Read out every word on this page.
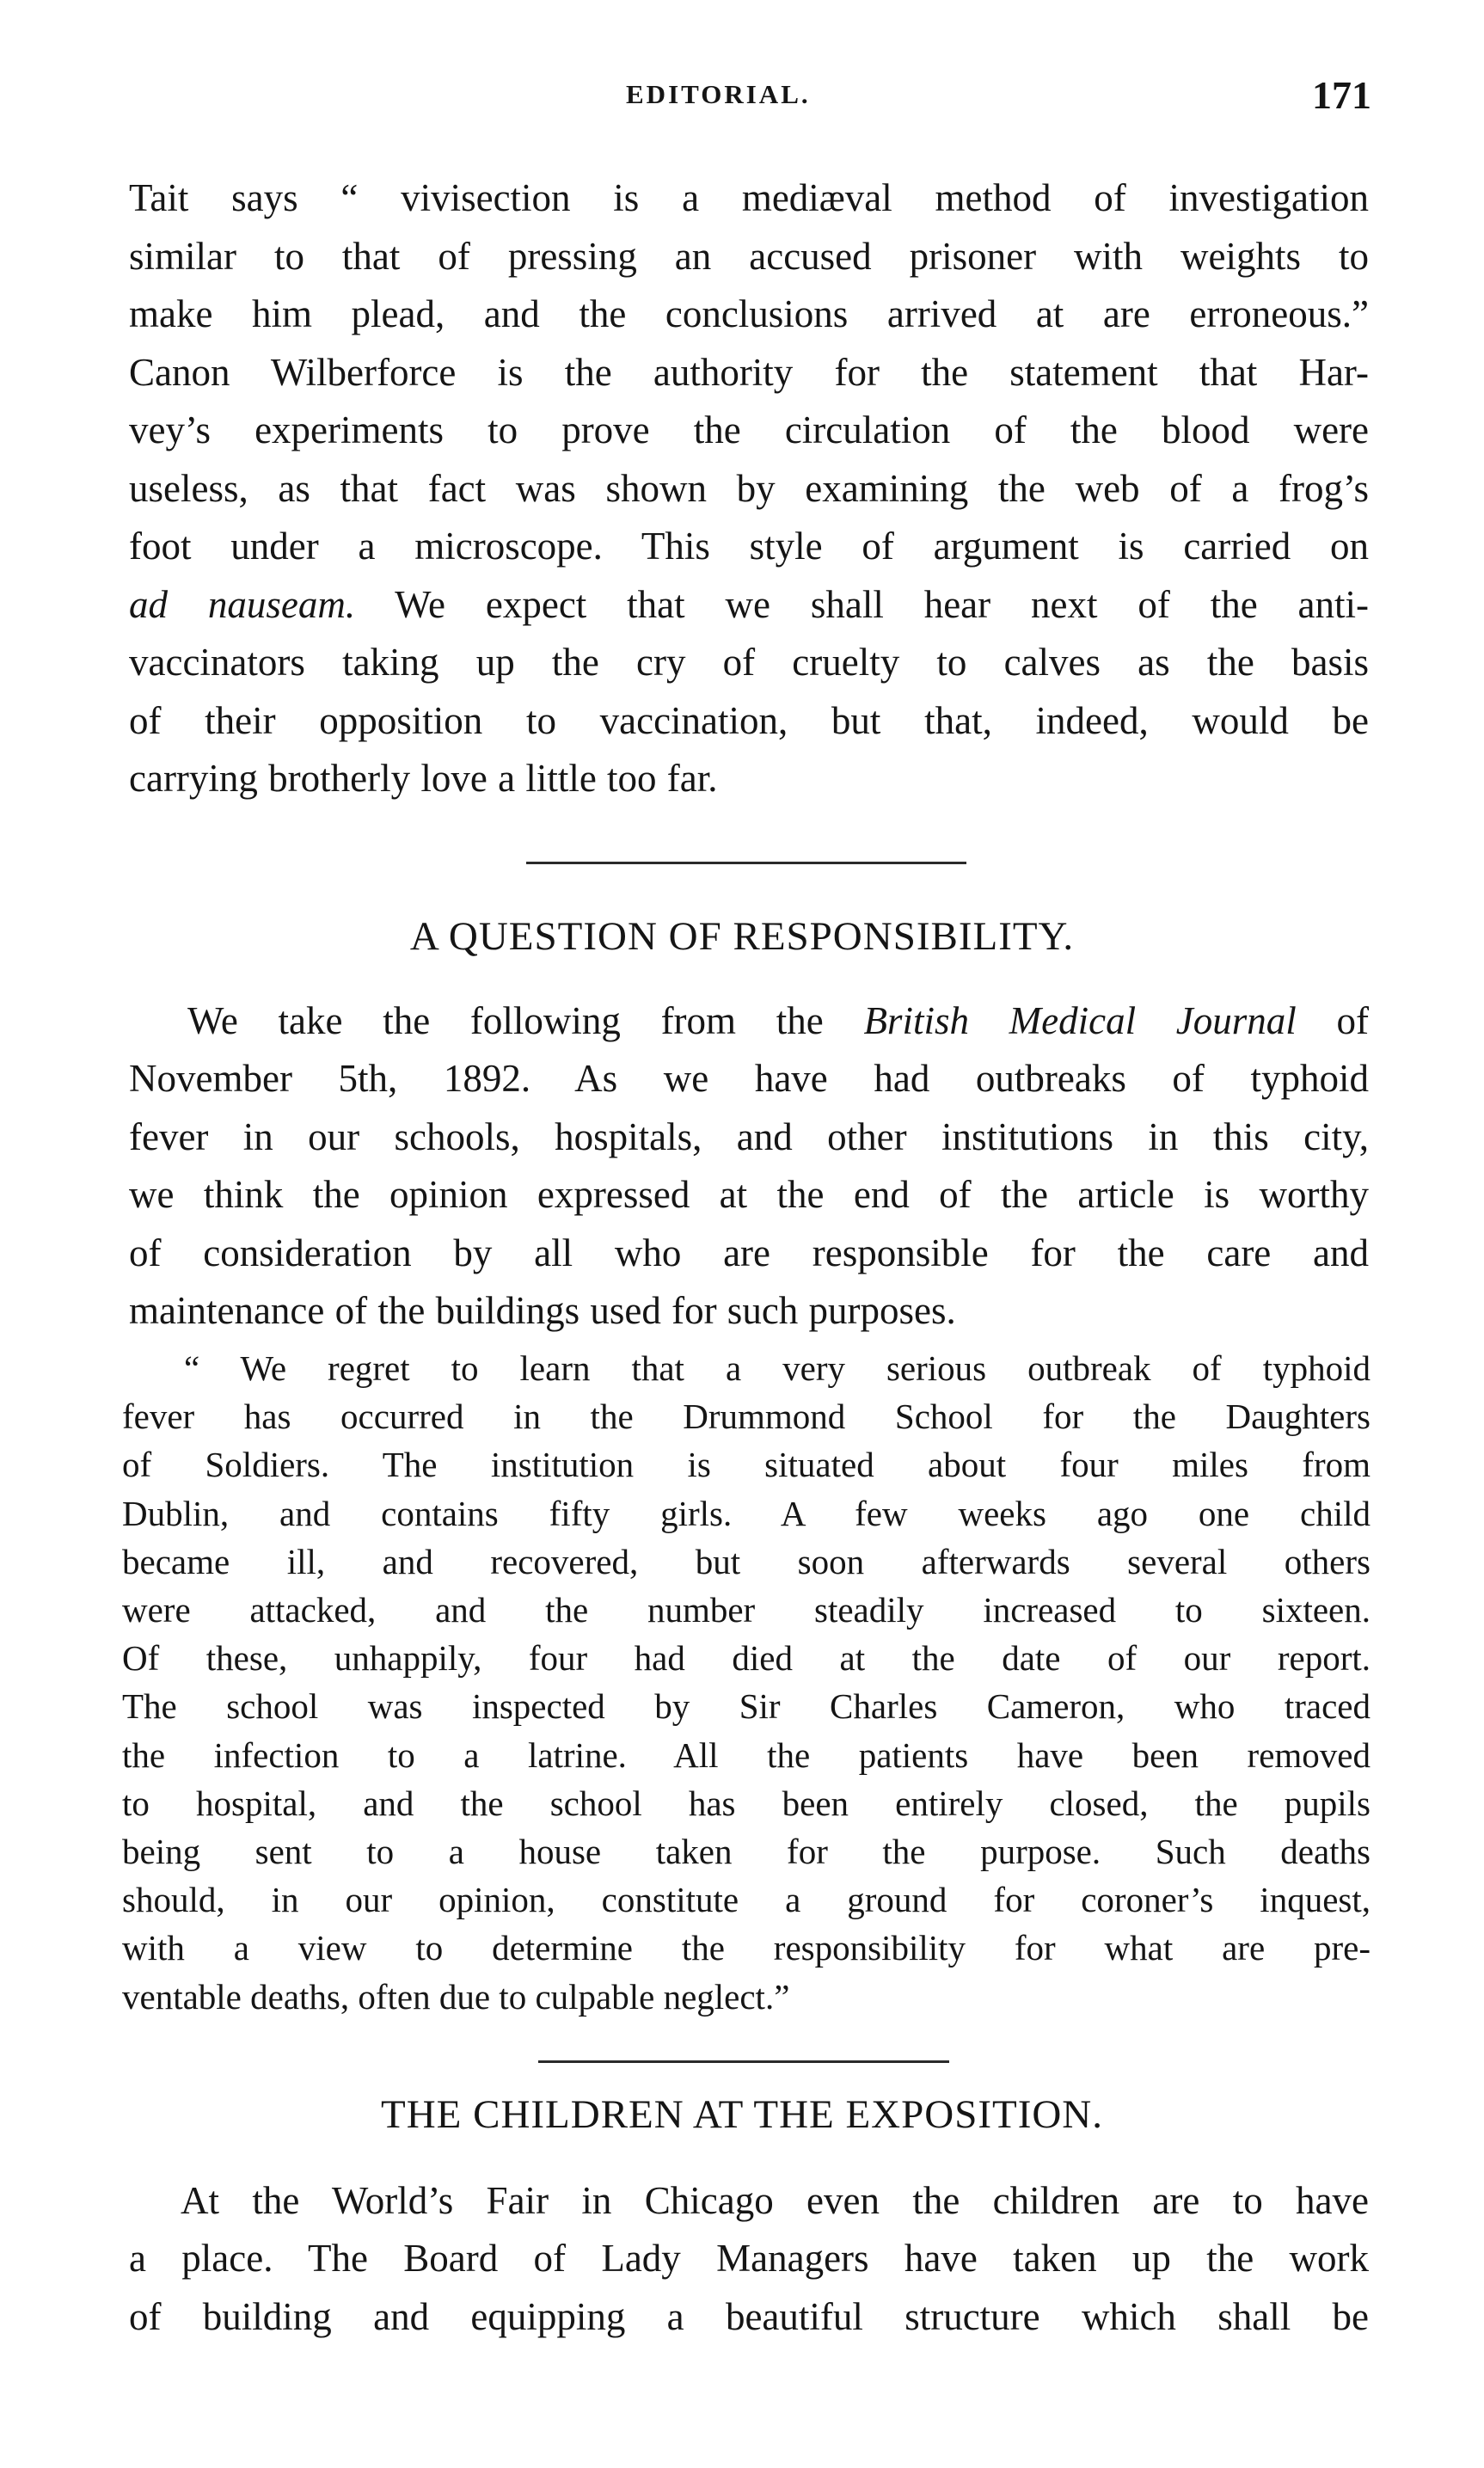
EDITORIAL.	171
Tait says “ vivisection is a mediæval method of investigation
similar to that of pressing an accused prisoner with weights to
make him plead, and the conclusions arrived at are erroneous.”
Canon Wilberforce is the authority for the statement that Har-
vey’s experiments to prove the circulation of the blood were
useless, as that fact was shown by examining the web of a frog’s
foot under a microscope. This style of argument is carried on
ad nauseam. We expect that we shall hear next of the anti-
vaccinators taking up the cry of cruelty to calves as the basis
of their opposition to vaccination, but that, indeed, would be
carrying brotherly love a little too far.
A QUESTION OF RESPONSIBILITY.
We take the following from the British Medical Journal of
November 5th, 1892. As we have had outbreaks of typhoid
fever in our schools, hospitals, and other institutions in this city,
we think the opinion expressed at the end of the article is worthy
of consideration by all who are responsible for the care and
maintenance of the buildings used for such purposes.
“ We regret to learn that a very serious outbreak of typhoid
fever has occurred in the Drummond School for the Daughters
of Soldiers. The institution is situated about four miles from
Dublin, and contains fifty girls. A few weeks ago one child
became ill, and recovered, but soon afterwards several others
were attacked, and the number steadily increased to sixteen.
Of these, unhappily, four had died at the date of our report.
The school was inspected by Sir Charles Cameron, who traced
the infection to a latrine. All the patients have been removed
to hospital, and the school has been entirely closed, the pupils
being sent to a house taken for the purpose. Such deaths
should, in our opinion, constitute a ground for coroner’s inquest,
with a view to determine the responsibility for what are pre-
ventable deaths, often due to culpable neglect.”
THE CHILDREN AT THE EXPOSITION.
At the World’s Fair in Chicago even the children are to have
a place. The Board of Lady Managers have taken up the work
of building and equipping a beautiful structure which shall be
